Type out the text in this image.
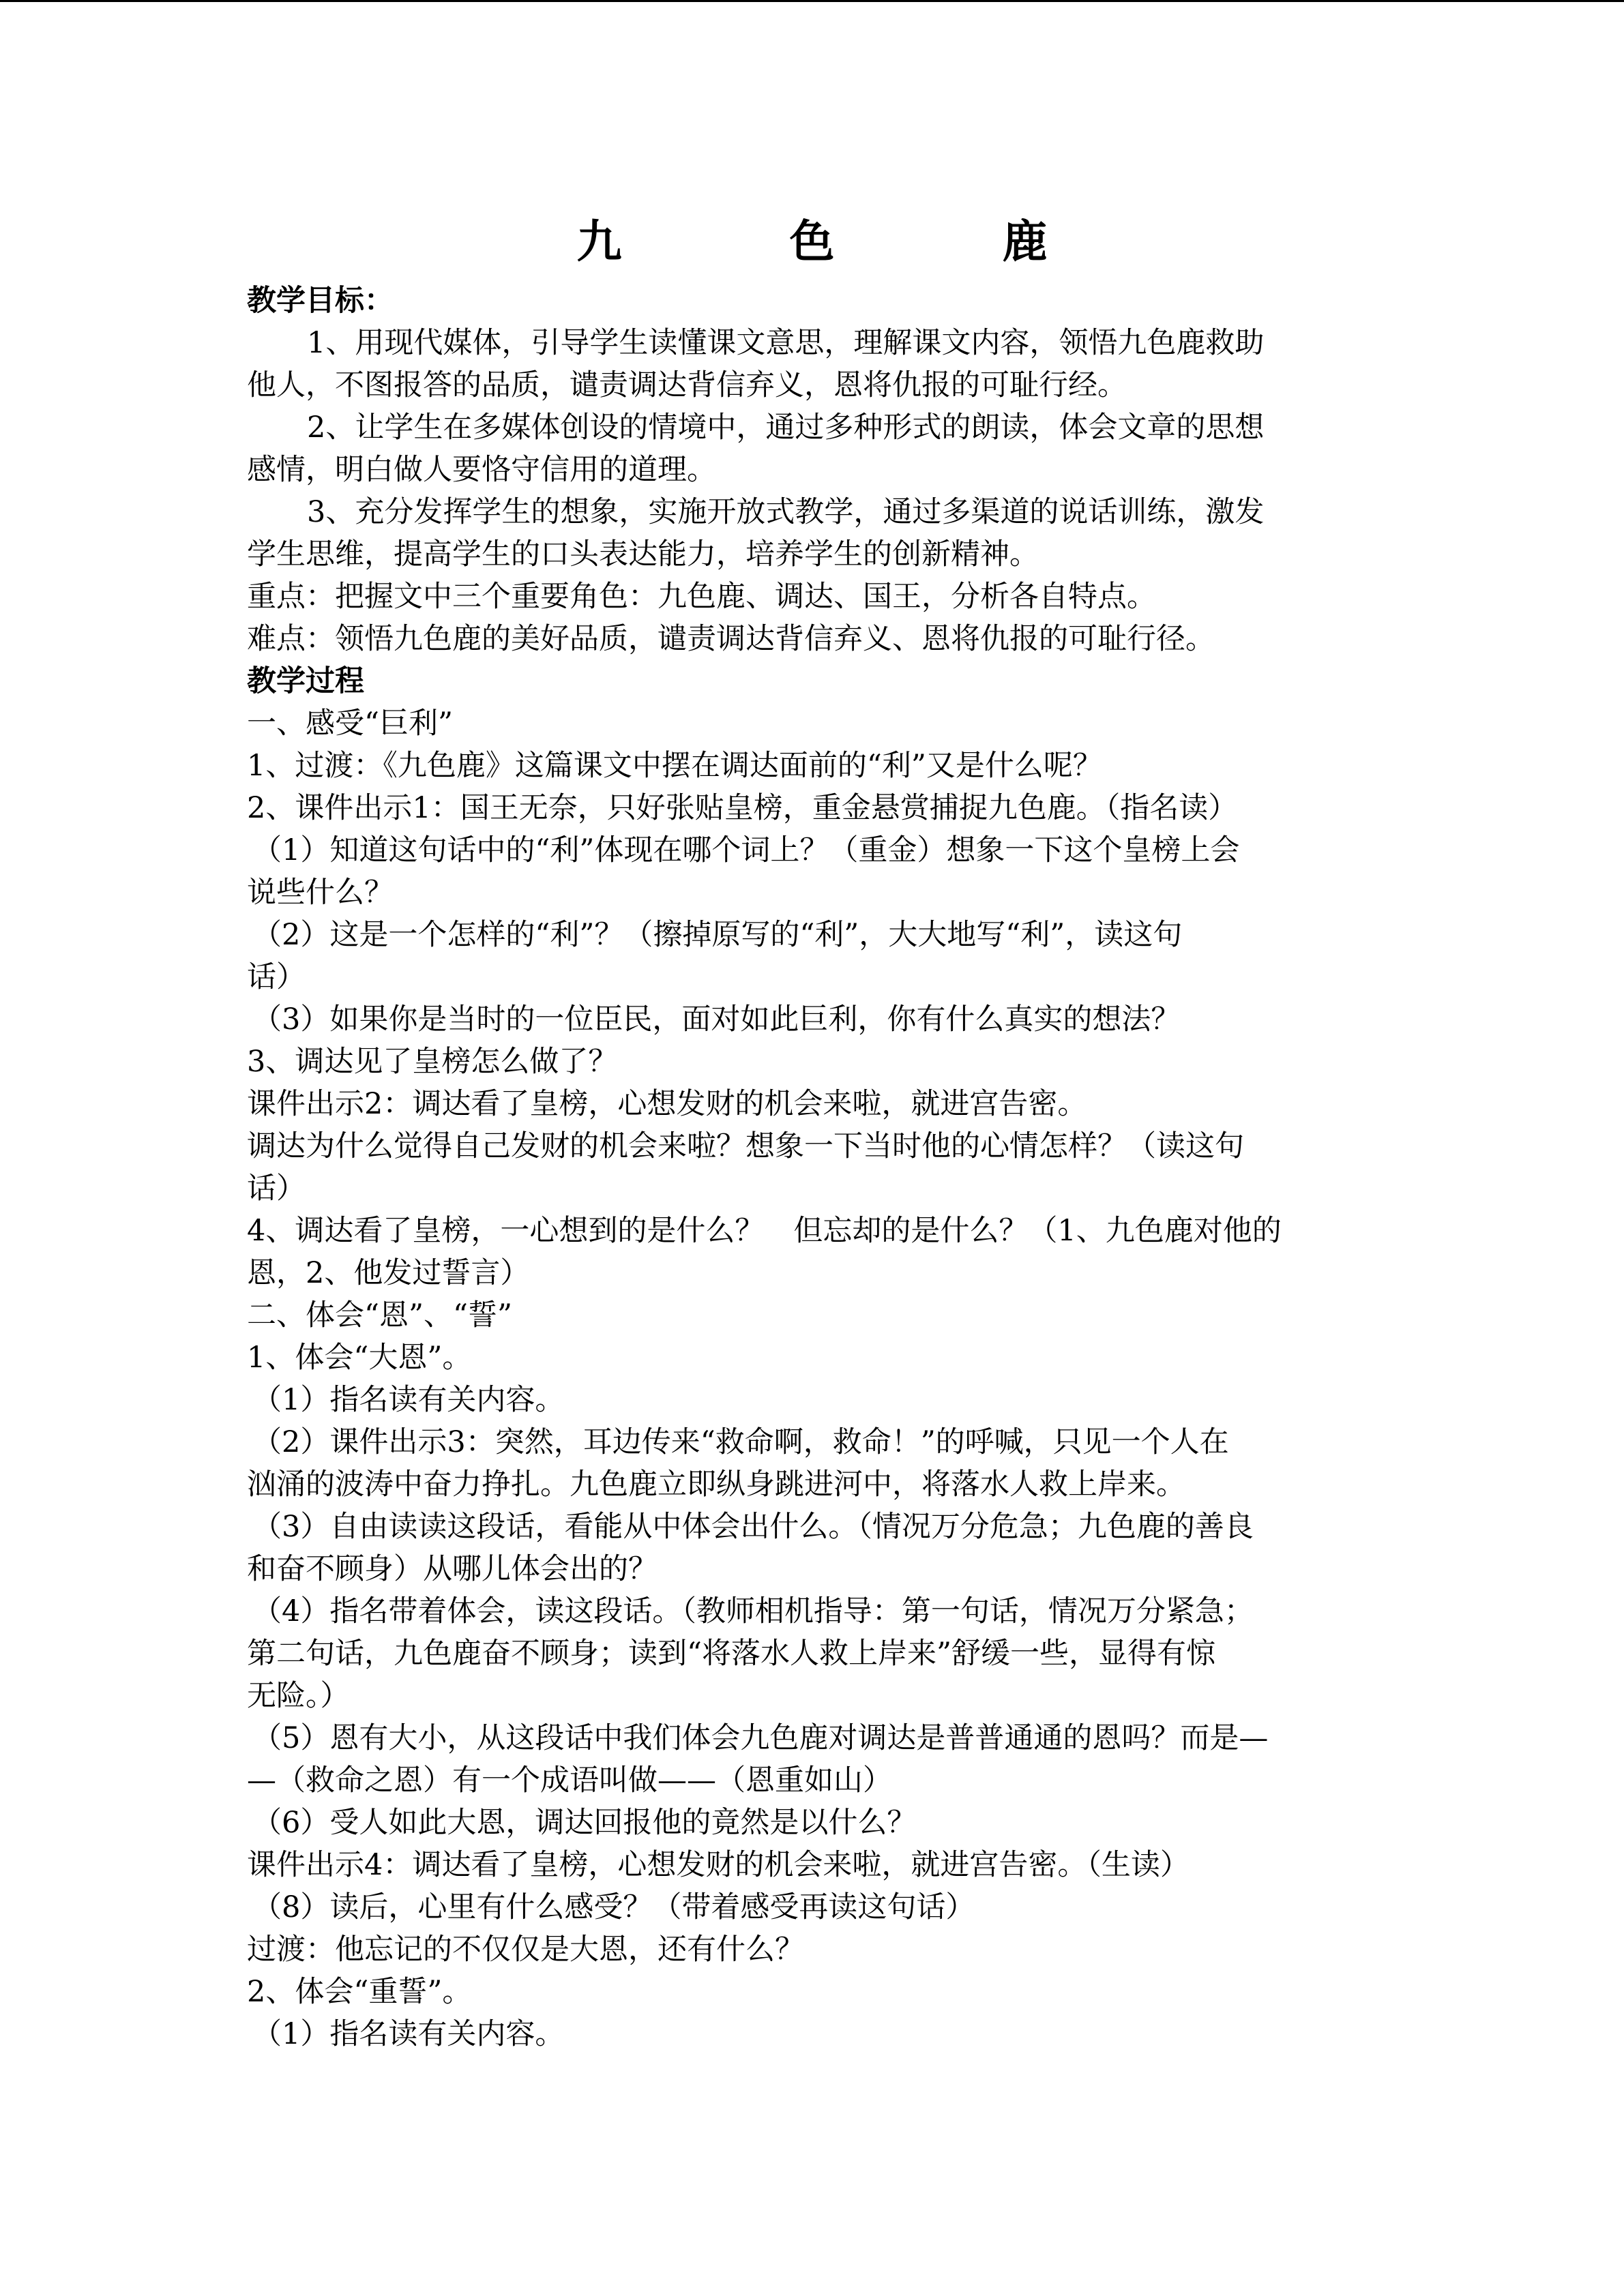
九　色　鹿
教学目标：
1、用现代媒体，引导学生读懂课文意思，理解课文内容，领悟九色鹿救助
他人，不图报答的品质，谴责调达背信弃义，恩将仇报的可耻行经。
2、让学生在多媒体创设的情境中，通过多种形式的朗读，体会文章的思想
感情，明白做人要恪守信用的道理。
3、充分发挥学生的想象，实施开放式教学，通过多渠道的说话训练，激发
学生思维，提高学生的口头表达能力，培养学生的创新精神。
重点：把握文中三个重要角色：九色鹿、调达、国王，分析各自特点。
难点：领悟九色鹿的美好品质，谴责调达背信弃义、恩将仇报的可耻行径。
教学过程
一、感受“巨利”
1、过渡：《九色鹿》这篇课文中摆在调达面前的“利”又是什么呢？
2、课件出示1：国王无奈，只好张贴皇榜，重金悬赏捕捉九色鹿。（指名读）
（1）知道这句话中的“利”体现在哪个词上？（重金）想象一下这个皇榜上会
说些什么？
（2）这是一个怎样的“利”？（擦掉原写的“利”，大大地写“利”，读这句
话）
（3）如果你是当时的一位臣民，面对如此巨利，你有什么真实的想法？
3、调达见了皇榜怎么做了？
课件出示2：调达看了皇榜，心想发财的机会来啦，就进宫告密。
调达为什么觉得自己发财的机会来啦？想象一下当时他的心情怎样？（读这句
话）
4、调达看了皇榜，一心想到的是什么？　但忘却的是什么？（1、九色鹿对他的
恩，2、他发过誓言）
二、体会“恩”、“誓”
1、体会“大恩”。
（1）指名读有关内容。
（2）课件出示3：突然，耳边传来“救命啊，救命！”的呼喊，只见一个人在
汹涌的波涛中奋力挣扎。九色鹿立即纵身跳进河中，将落水人救上岸来。
（3）自由读读这段话，看能从中体会出什么。（情况万分危急；九色鹿的善良
和奋不顾身）从哪儿体会出的？
（4）指名带着体会，读这段话。（教师相机指导：第一句话，情况万分紧急；
第二句话，九色鹿奋不顾身；读到“将落水人救上岸来”舒缓一些，显得有惊
无险。）
（5）恩有大小，从这段话中我们体会九色鹿对调达是普普通通的恩吗？而是—
—（救命之恩）有一个成语叫做——（恩重如山）
（6）受人如此大恩，调达回报他的竟然是以什么？
课件出示4：调达看了皇榜，心想发财的机会来啦，就进宫告密。（生读）
（8）读后，心里有什么感受？（带着感受再读这句话）
过渡：他忘记的不仅仅是大恩，还有什么？
2、体会“重誓”。
（1）指名读有关内容。
